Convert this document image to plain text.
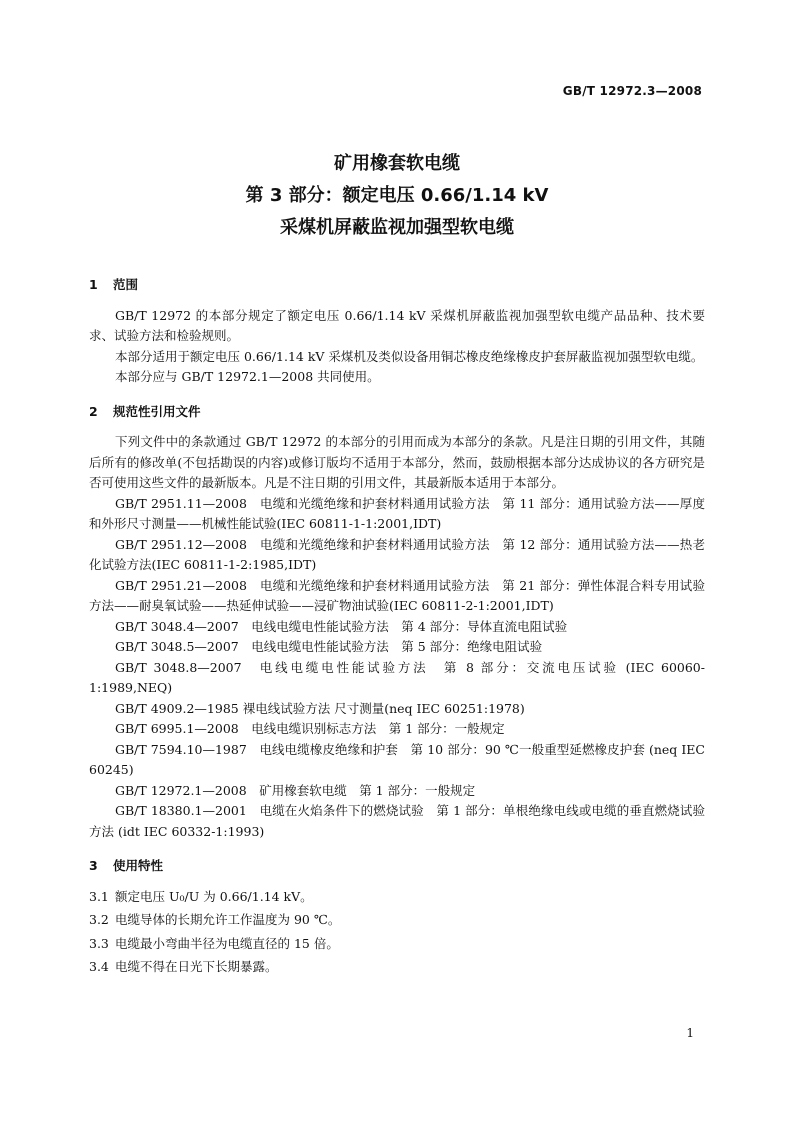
GB/T 12972.3—2008
矿用橡套软电缆
第 3 部分：额定电压 0.66/1.14 kV
采煤机屏蔽监视加强型软电缆
1 范围

GB/T 12972 的本部分规定了额定电压 0.66/1.14 kV 采煤机屏蔽监视加强型软电缆产品品种、技术要求、试验方法和检验规则。

本部分适用于额定电压 0.66/1.14 kV 采煤机及类似设备用铜芯橡皮绝缘橡皮护套屏蔽监视加强型软电缆。

本部分应与 GB/T 12972.1—2008 共同使用。

2 规范性引用文件

下列文件中的条款通过 GB/T 12972 的本部分的引用而成为本部分的条款。凡是注日期的引用文件，其随后所有的修改单(不包括勘误的内容)或修订版均不适用于本部分，然而，鼓励根据本部分达成协议的各方研究是否可使用这些文件的最新版本。凡是不注日期的引用文件，其最新版本适用于本部分。

GB/T 2951.11—2008　电缆和光缆绝缘和护套材料通用试验方法　第 11 部分：通用试验方法——厚度和外形尺寸测量——机械性能试验(IEC 60811-1-1:2001,IDT)

GB/T 2951.12—2008　电缆和光缆绝缘和护套材料通用试验方法　第 12 部分：通用试验方法——热老化试验方法(IEC 60811-1-2:1985,IDT)

GB/T 2951.21—2008　电缆和光缆绝缘和护套材料通用试验方法　第 21 部分：弹性体混合料专用试验方法——耐臭氧试验——热延伸试验——浸矿物油试验(IEC 60811-2-1:2001,IDT)

GB/T 3048.4—2007　电线电缆电性能试验方法　第 4 部分：导体直流电阻试验

GB/T 3048.5—2007　电线电缆电性能试验方法　第 5 部分：绝缘电阻试验

GB/T 3048.8—2007　电线电缆电性能试验方法　第 8 部分：交流电压试验 (IEC 60060-1:1989,NEQ)

GB/T 4909.2—1985 裸电线试验方法 尺寸测量(neq IEC 60251:1978)

GB/T 6995.1—2008　电线电缆识别标志方法　第 1 部分：一般规定

GB/T 7594.10—1987　电线电缆橡皮绝缘和护套　第 10 部分：90 ℃一般重型延燃橡皮护套 (neq IEC 60245)

GB/T 12972.1—2008　矿用橡套软电缆　第 1 部分：一般规定

GB/T 18380.1—2001　电缆在火焰条件下的燃烧试验　第 1 部分：单根绝缘电线或电缆的垂直燃烧试验方法 (idt IEC 60332-1:1993)

3 使用特性

3.1 额定电压 U₀/U 为 0.66/1.14 kV。

3.2 电缆导体的长期允许工作温度为 90 ℃。

3.3 电缆最小弯曲半径为电缆直径的 15 倍。

3.4 电缆不得在日光下长期暴露。

1
